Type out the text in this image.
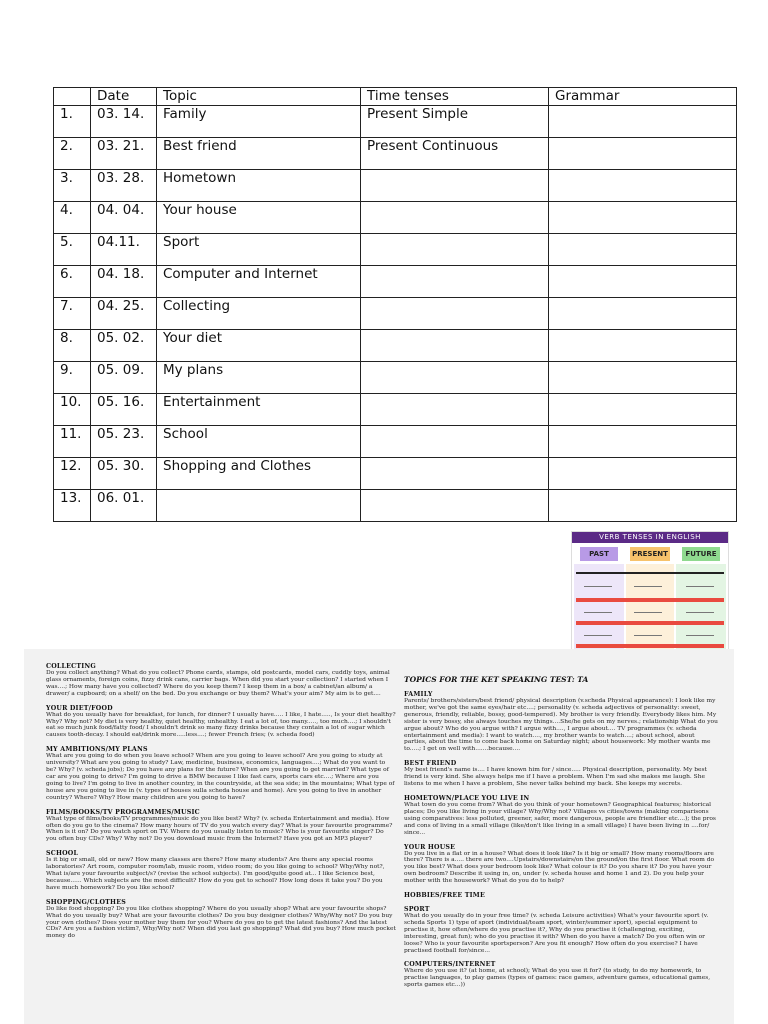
	Date	Topic	Time tenses	Grammar
1.	03. 14.	Family	Present Simple	
2.	03. 21.	Best friend	Present Continuous	
3.	03. 28.	Hometown		
4.	04. 04.	Your house		
5.	04.11.	Sport		
6.	04. 18.	Computer and Internet		
7.	04. 25.	Collecting		
8.	05. 02.	Your diet		
9.	05. 09.	My plans		
10.	05. 16.	Entertainment		
11.	05. 23.	School		
12.	05. 30.	Shopping and Clothes		
13.	06. 01.			
VERB TENSES IN ENGLISH
PAST	PRESENT	FUTURE
COLLECTING

Do you collect anything? What do you collect? Phone cards, stamps, old postcards, model cars, cuddly toys, animal glass ornaments, foreign coins, fizzy drink cans, carrier bags. When did you start your collection? I started when I was....; How many have you collected? Where do you keep them? I keep them in a box/ a cabinet/an album/ a drawer/ a cupboard; on a shelf/ on the bed. Do you exchange or buy them? What's your aim? My aim is to get....

YOUR DIET/FOOD

What do you usually have for breakfast, for lunch, for dinner? I usually have..... I like, I hate....., Is your diet healthy? Why? Why not? My diet is very healthy, quiet healthy, unhealthy. I eat a lot of, too many....., too much....; I shouldn't eat so much junk food/fatty food/ I shouldn't drink so many fizzy drinks because they contain a lot of sugar which causes tooth-decay. I should eat/drink more.....less....; fewer French fries; (v. scheda food)

MY AMBITIONS/MY PLANS

What are you going to do when you leave school? When are you going to leave school? Are you going to study at university? What are you going to study? Law, medicine, business, economics, languages....; What do you want to be? Why? (v. scheda jobs); Do you have any plans for the future? When are you going to get married? What type of car are you going to drive? I'm going to drive a BMW because I like fast cars, sports cars etc....; Where are you going to live? I'm going to live in another country, in the countryside, at the sea side; in the mountains; What type of house are you going to live in (v. types of houses sulla scheda house and home). Are you going to live in another country? Where? Why? How many children are you going to have?

FILMS/BOOKS/TV PROGRAMMES/MUSIC

What type of films/books/TV programmes/music do you like best? Why? (v. scheda Entertainment and media). How often do you go to the cinema? How many hours of TV do you watch every day? What is your favourite programme? When is it on? Do you watch sport on TV. Where do you usually listen to music? Who is your favourite singer? Do you often buy CDs? Why? Why not? Do you download music from the Internet? Have you got an MP3 player?

SCHOOL

Is it big or small, old or new? How many classes are there? How many students? Are there any special rooms laboratories? Art room, computer room/lab, music room, video room; do you like going to school? Why/Why not?, What is/are your favourite subject/s? (revise the school subjects). I'm good/quite good at... I like Science best, because...... Which subjects are the most difficult? How do you get to school? How long does it take you? Do you have much homework? Do you like school?

SHOPPING/CLOTHES

Do like food shopping? Do you like clothes shopping? Where do you usually shop? What are your favourite shops? What do you usually buy? What are your favourite clothes? Do you buy designer clothes? Why/Why not? Do you buy your own clothes? Does your mother buy them for you? Where do you go to get the latest fashions? And the latest CDs? Are you a fashion victim?, Why/Why not? When did you last go shopping? What did you buy? How much pocket money do

TOPICS FOR THE KET SPEAKING TEST: TA
FAMILY

Parents/ brothers/sisters/best friend/ physical description (v.scheda Physical appearance): I look like my mother, we've got the same eyes/hair etc....; personality (v. scheda adjectives of personality: sweet, generous, friendly, reliable, bossy, good-tempered). My brother is very friendly. Everybody likes him. My sister is very bossy, she always touches my things....She/he gets on my nerves.; relationship What do you argue about? Who do you argue with? I argue with...., I argue about.... TV programmes (v. scheda entertainment and media): I want to watch...., my brother wants to watch....; about school, about parties, about the time to come back home on Saturday night; about housework: My mother wants me to.....; I get on well with.......because....

BEST FRIEND

My best friend's name is.... I have known him for / since..... Physical description, personality. My best friend is very kind. She always helps me if I have a problem. When I'm sad she makes me laugh. She listens to me when I have a problem, She never talks behind my back. She keeps my secrets.

HOMETOWN/PLACE YOU LIVE IN

What town do you come from? What do you think of your hometown? Geographical features; historical places; Do you like living in your village? Why/Why not? Villages vs cities/towns (making comparisons using comparatives: less polluted, greener, safer, more dangerous, people are friendlier etc....); the pros and cons of living in a small village (like/don't like living in a small village) I have been living in ....for/ since...

YOUR HOUSE

Do you live in a flat or in a house? What does it look like? Is it big or small? How many rooms/floors are there? There is a..... there are two....Upstairs/downstairs/on the ground/on the first floor. What room do you like best? What does your bedroom look like? What colour is it? Do you share it? Do you have your own bedroom? Describe it using in, on, under (v. scheda house and home 1 and 2). Do you help your mother with the housework? What do you do to help?

HOBBIES/FREE TIME

SPORT

What do you usually do in your free time? (v. scheda Leisure activities) What's your favourite sport (v. scheda Sports 1) type of sport (individual/team sport, winter/summer sport), special equipment to practise it, how often/where do you practise it?, Why do you practise it (challenging, exciting, interesting, great fun); who do you practise it with? When do you have a match? Do you often win or loose? Who is your favourite sportsperson? Are you fit enough? How often do you exercise? I have practised football for/since...

COMPUTERS/INTERNET

Where do you use it? (at home, at school); What do you use it for? (to study, to do my homework, to practise languages, to play games (types of games: race games, adventure games, educational games, sports games etc...))
